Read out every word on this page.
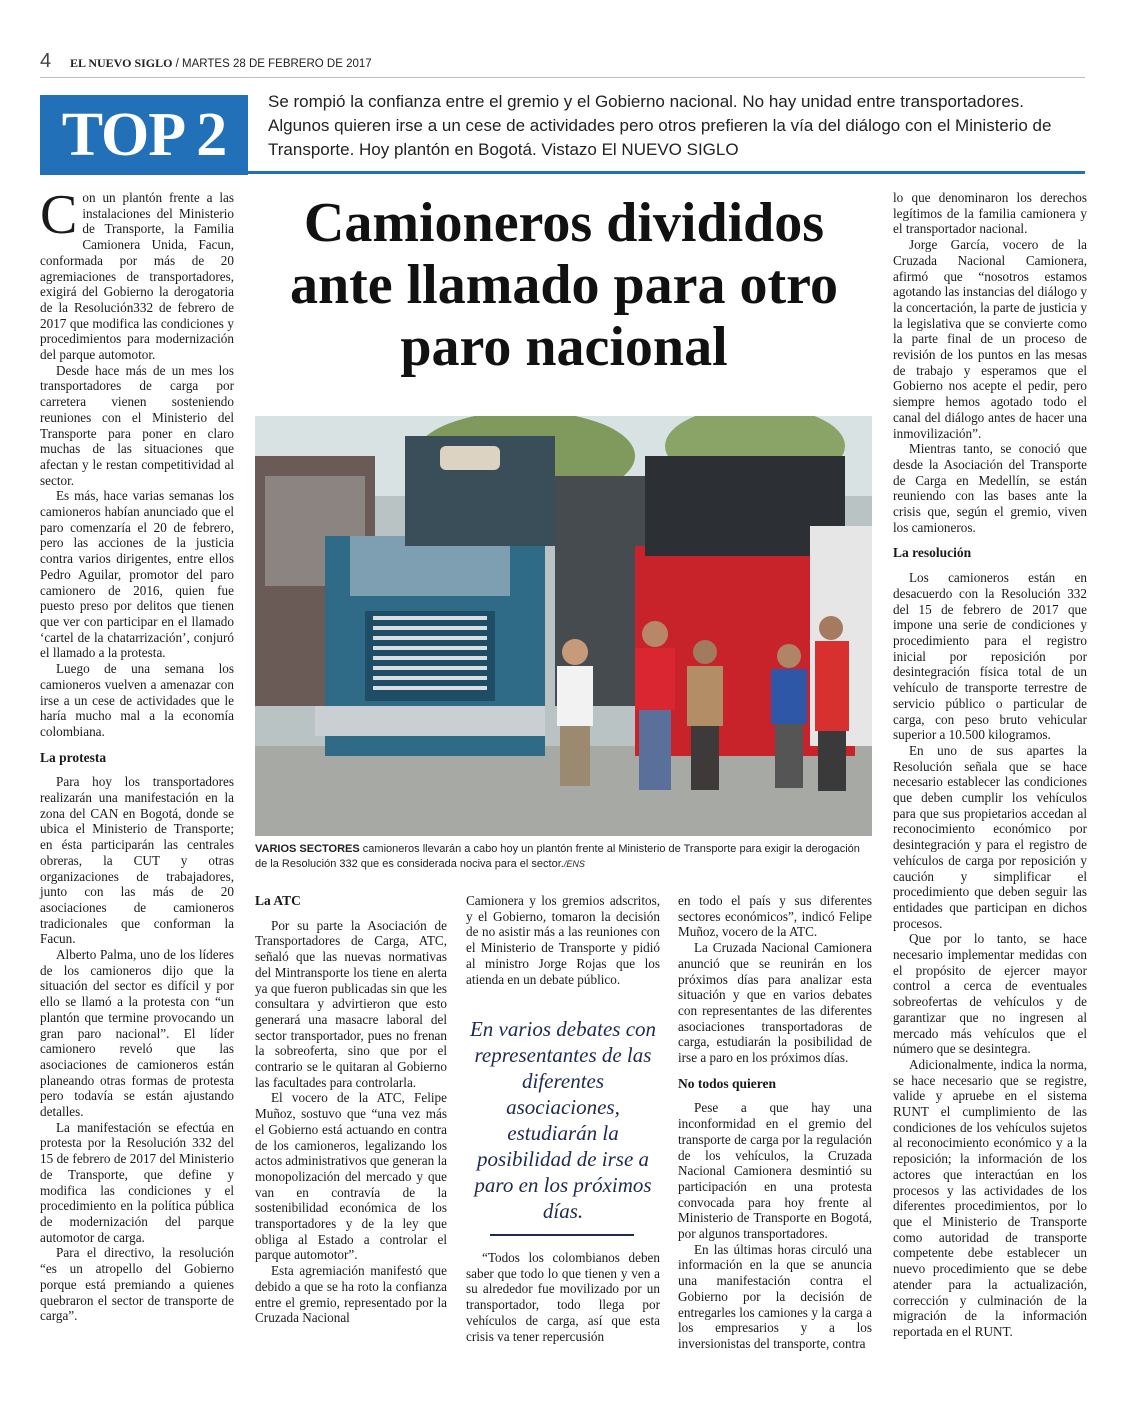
4 EL NUEVO SIGLO / MARTES 28 DE FEBRERO DE 2017
TOP 2	Se rompió la confianza entre el gremio y el Gobierno nacional. No hay unidad entre transportadores. Algunos quieren irse a un cese de actividades pero otros prefieren la vía del diálogo con el Ministerio de Transporte. Hoy plantón en Bogotá. Vistazo El NUEVO SIGLO

Con un plantón frente a las instalaciones del Ministerio de Transporte, la Familia Camionera Unida, Facun, conformada por más de 20 agremiaciones de transportadores, exigirá del Gobierno la derogatoria de la Resolución332 de febrero de 2017 que modifica las condiciones y procedimientos para modernización del parque automotor.

Desde hace más de un mes los transportadores de carga por carretera vienen sosteniendo reuniones con el Ministerio del Transporte para poner en claro muchas de las situaciones que afectan y le restan competitividad al sector.

Es más, hace varias semanas los camioneros habían anunciado que el paro comenzaría el 20 de febrero, pero las acciones de la justicia contra varios dirigentes, entre ellos Pedro Aguilar, promotor del paro camionero de 2016, quien fue puesto preso por delitos que tienen que ver con participar en el llamado ‘cartel de la chatarrización’, conjuró el llamado a la protesta.

Luego de una semana los camioneros vuelven a amenazar con irse a un cese de actividades que le haría mucho mal a la economía colombiana.

La protesta

Para hoy los transportadores realizarán una manifestación en la zona del CAN en Bogotá, donde se ubica el Ministerio de Transporte; en ésta participarán las centrales obreras, la CUT y otras organizaciones de trabajadores, junto con las más de 20 asociaciones de camioneros tradicionales que conforman la Facun.

Alberto Palma, uno de los líderes de los camioneros dijo que la situación del sector es difícil y por ello se llamó a la protesta con “un plantón que termine provocando un gran paro nacional”. El líder camionero reveló que las asociaciones de camioneros están planeando otras formas de protesta pero todavía se están ajustando detalles.

La manifestación se efectúa en protesta por la Resolución 332 del 15 de febrero de 2017 del Ministerio de Transporte, que define y modifica las condiciones y el procedimiento en la política pública de modernización del parque automotor de carga.

Para el directivo, la resolución “es un atropello del Gobierno porque está premiando a quienes quebraron el sector de transporte de carga”.

Camioneros divididos ante llamado para otro paro nacional
VARIOS SECTORES camioneros llevarán a cabo hoy un plantón frente al Ministerio de Transporte para exigir la derogación de la Resolución 332 que es considerada nociva para el sector./ENS
La ATC

Por su parte la Asociación de Transportadores de Carga, ATC, señaló que las nuevas normativas del Mintransporte los tiene en alerta ya que fueron publicadas sin que les consultara y advirtieron que esto generará una masacre laboral del sector transportador, pues no frenan la sobreoferta, sino que por el contrario se le quitaran al Gobierno las facultades para controlarla.

El vocero de la ATC, Felipe Muñoz, sostuvo que “una vez más el Gobierno está actuando en contra de los camioneros, legalizando los actos administrativos que generan la monopolización del mercado y que van en contravía de la sostenibilidad económica de los transportadores y de la ley que obliga al Estado a controlar el parque automotor”.

Esta agremiación manifestó que debido a que se ha roto la confianza entre el gremio, representado por la Cruzada Nacional

Camionera y los gremios adscritos, y el Gobierno, tomaron la decisión de no asistir más a las reuniones con el Ministerio de Transporte y pidió al ministro Jorge Rojas que los atienda en un debate público.

En varios debates con representantes de las diferentes asociaciones, estudiarán la posibilidad de irse a paro en los próximos días.

“Todos los colombianos deben saber que todo lo que tienen y ven a su alrededor fue movilizado por un transportador, todo llega por vehículos de carga, así que esta crisis va tener repercusión

en todo el país y sus diferentes sectores económicos”, indicó Felipe Muñoz, vocero de la ATC.

La Cruzada Nacional Camionera anunció que se reunirán en los próximos días para analizar esta situación y que en varios debates con representantes de las diferentes asociaciones transportadoras de carga, estudiarán la posibilidad de irse a paro en los próximos días.

No todos quieren

Pese a que hay una inconformidad en el gremio del transporte de carga por la regulación de los vehículos, la Cruzada Nacional Camionera desmintió su participación en una protesta convocada para hoy frente al Ministerio de Transporte en Bogotá, por algunos transportadores.

En las últimas horas circuló una información en la que se anuncia una manifestación contra el Gobierno por la decisión de entregarles los camiones y la carga a los empresarios y a los inversionistas del transporte, contra

lo que denominaron los derechos legítimos de la familia camionera y el transportador nacional.

Jorge García, vocero de la Cruzada Nacional Camionera, afirmó que “nosotros estamos agotando las instancias del diálogo y la concertación, la parte de justicia y la legislativa que se convierte como la parte final de un proceso de revisión de los puntos en las mesas de trabajo y esperamos que el Gobierno nos acepte el pedir, pero siempre hemos agotado todo el canal del diálogo antes de hacer una inmovilización”.

Mientras tanto, se conoció que desde la Asociación del Transporte de Carga en Medellín, se están reuniendo con las bases ante la crisis que, según el gremio, viven los camioneros.

La resolución

Los camioneros están en desacuerdo con la Resolución 332 del 15 de febrero de 2017 que impone una serie de condiciones y procedimiento para el registro inicial por reposición por desintegración física total de un vehículo de transporte terrestre de servicio público o particular de carga, con peso bruto vehicular superior a 10.500 kilogramos.

En uno de sus apartes la Resolución señala que se hace necesario establecer las condiciones que deben cumplir los vehículos para que sus propietarios accedan al reconocimiento económico por desintegración y para el registro de vehículos de carga por reposición y caución y simplificar el procedimiento que deben seguir las entidades que participan en dichos procesos.

Que por lo tanto, se hace necesario implementar medidas con el propósito de ejercer mayor control a cerca de eventuales sobreofertas de vehículos y de garantizar que no ingresen al mercado más vehículos que el número que se desintegra.

Adicionalmente, indica la norma, se hace necesario que se registre, valide y apruebe en el sistema RUNT el cumplimiento de las condiciones de los vehículos sujetos al reconocimiento económico y a la reposición; la información de los actores que interactúan en los procesos y las actividades de los diferentes procedimientos, por lo que el Ministerio de Transporte como autoridad de transporte competente debe establecer un nuevo procedimiento que se debe atender para la actualización, corrección y culminación de la migración de la información reportada en el RUNT.
